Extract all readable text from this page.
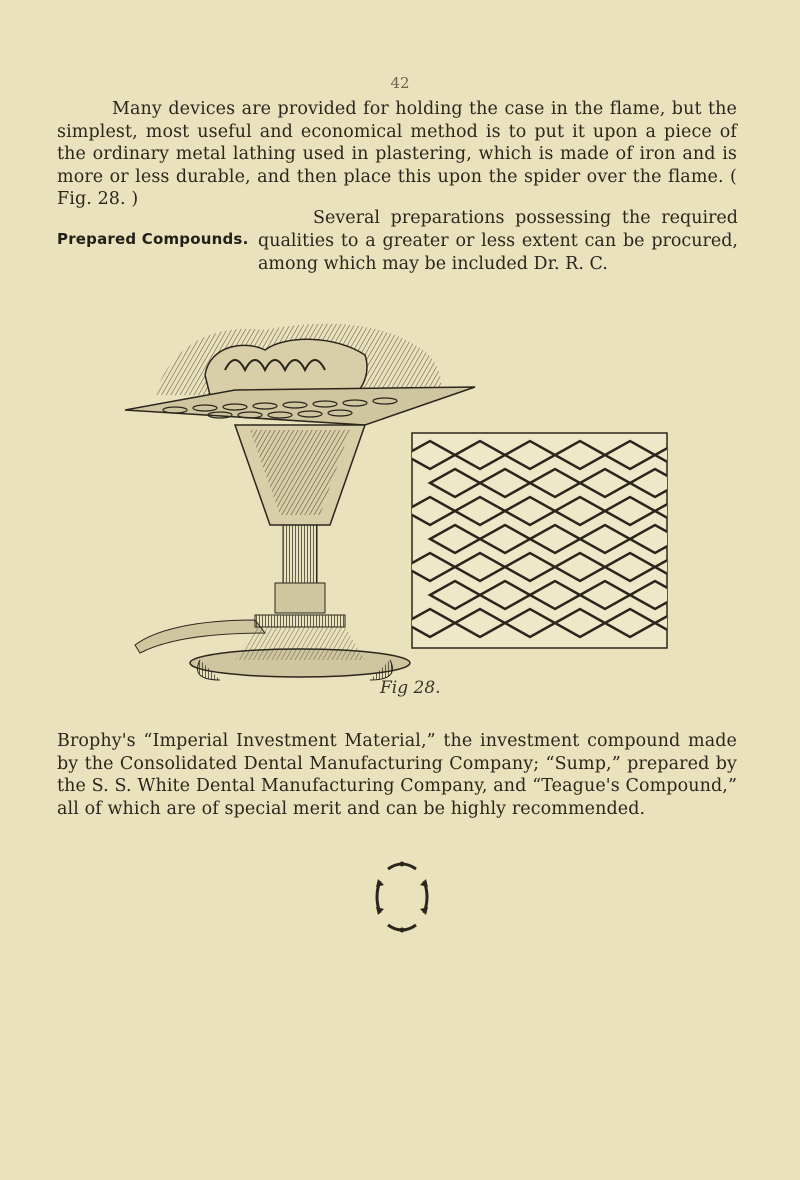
42
Many devices are provided for holding the case in the flame, but the simplest, most useful and economical method is to put it upon a piece of the ordinary metal lathing used in plastering, which is made of iron and is more or less durable, and then place this upon the spider over the flame. ( Fig. 28. )
Prepared Compounds.
Several preparations possessing the required qualities to a greater or less extent can be procured, among which may be included Dr. R. C.
Fig 28.
Brophy's “Imperial Investment Material,” the investment compound made by the Consolidated Dental Manufacturing Company; “Sump,” prepared by the S. S. White Dental Manufacturing Company, and “Teague's Compound,” all of which are of special merit and can be highly recommended.
